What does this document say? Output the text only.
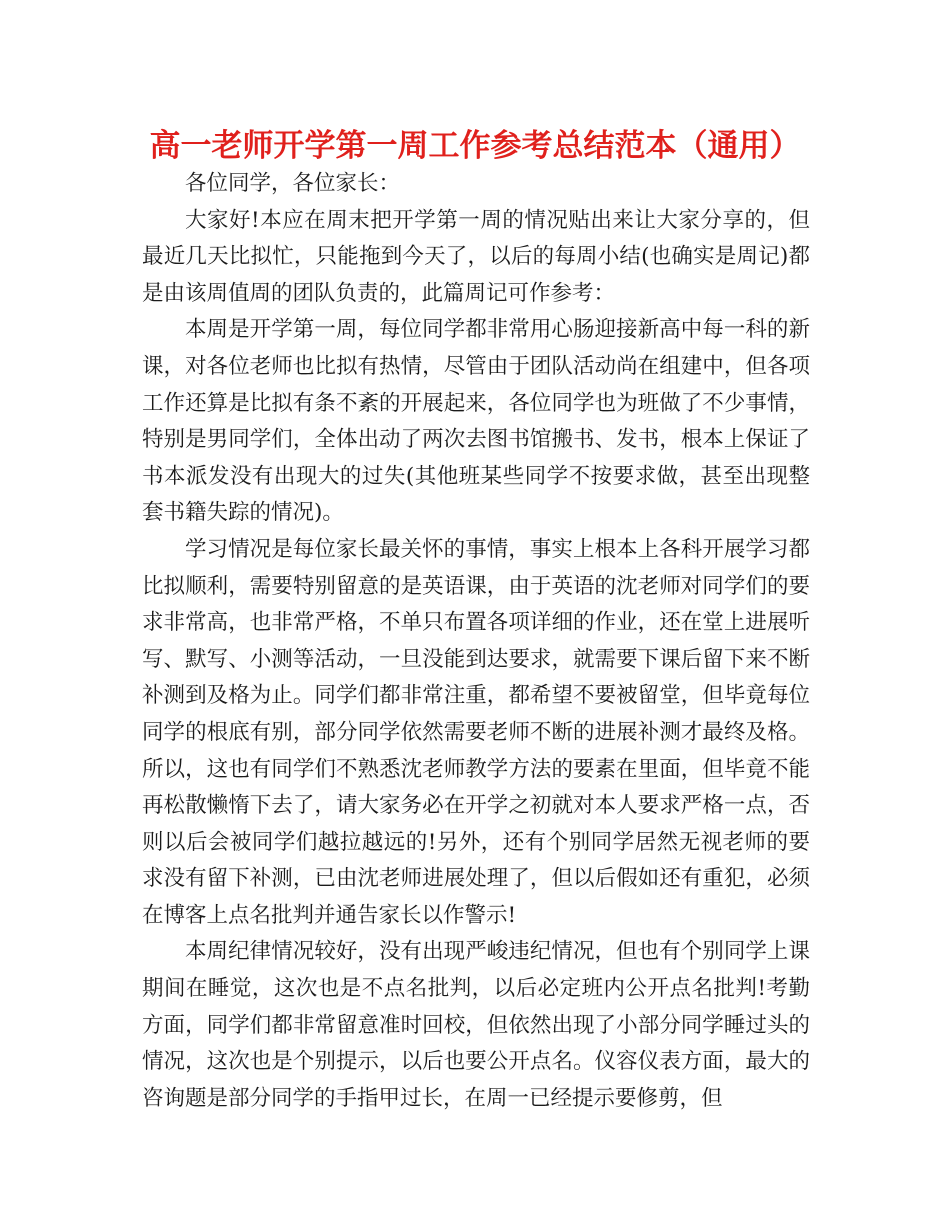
高一老师开学第一周工作参考总结范本（通用）

各位同学，各位家长：

大家好!本应在周末把开学第一周的情况贴出来让大家分享的，但最近几天比拟忙，只能拖到今天了，以后的每周小结(也确实是周记)都是由该周值周的团队负责的，此篇周记可作参考：

本周是开学第一周，每位同学都非常用心肠迎接新高中每一科的新课，对各位老师也比拟有热情，尽管由于团队活动尚在组建中，但各项工作还算是比拟有条不紊的开展起来，各位同学也为班做了不少事情，特别是男同学们，全体出动了两次去图书馆搬书、发书，根本上保证了书本派发没有出现大的过失(其他班某些同学不按要求做，甚至出现整套书籍失踪的情况)。

学习情况是每位家长最关怀的事情，事实上根本上各科开展学习都比拟顺利，需要特别留意的是英语课，由于英语的沈老师对同学们的要求非常高，也非常严格，不单只布置各项详细的作业，还在堂上进展听写、默写、小测等活动，一旦没能到达要求，就需要下课后留下来不断补测到及格为止。同学们都非常注重，都希望不要被留堂，但毕竟每位同学的根底有别，部分同学依然需要老师不断的进展补测才最终及格。所以，这也有同学们不熟悉沈老师教学方法的要素在里面，但毕竟不能再松散懒惰下去了，请大家务必在开学之初就对本人要求严格一点，否则以后会被同学们越拉越远的!另外，还有个别同学居然无视老师的要求没有留下补测，已由沈老师进展处理了，但以后假如还有重犯，必须在博客上点名批判并通告家长以作警示!

本周纪律情况较好，没有出现严峻违纪情况，但也有个别同学上课期间在睡觉，这次也是不点名批判，以后必定班内公开点名批判!考勤方面，同学们都非常留意准时回校，但依然出现了小部分同学睡过头的情况，这次也是个别提示，以后也要公开点名。仪容仪表方面，最大的咨询题是部分同学的手指甲过长，在周一已经提示要修剪，但
